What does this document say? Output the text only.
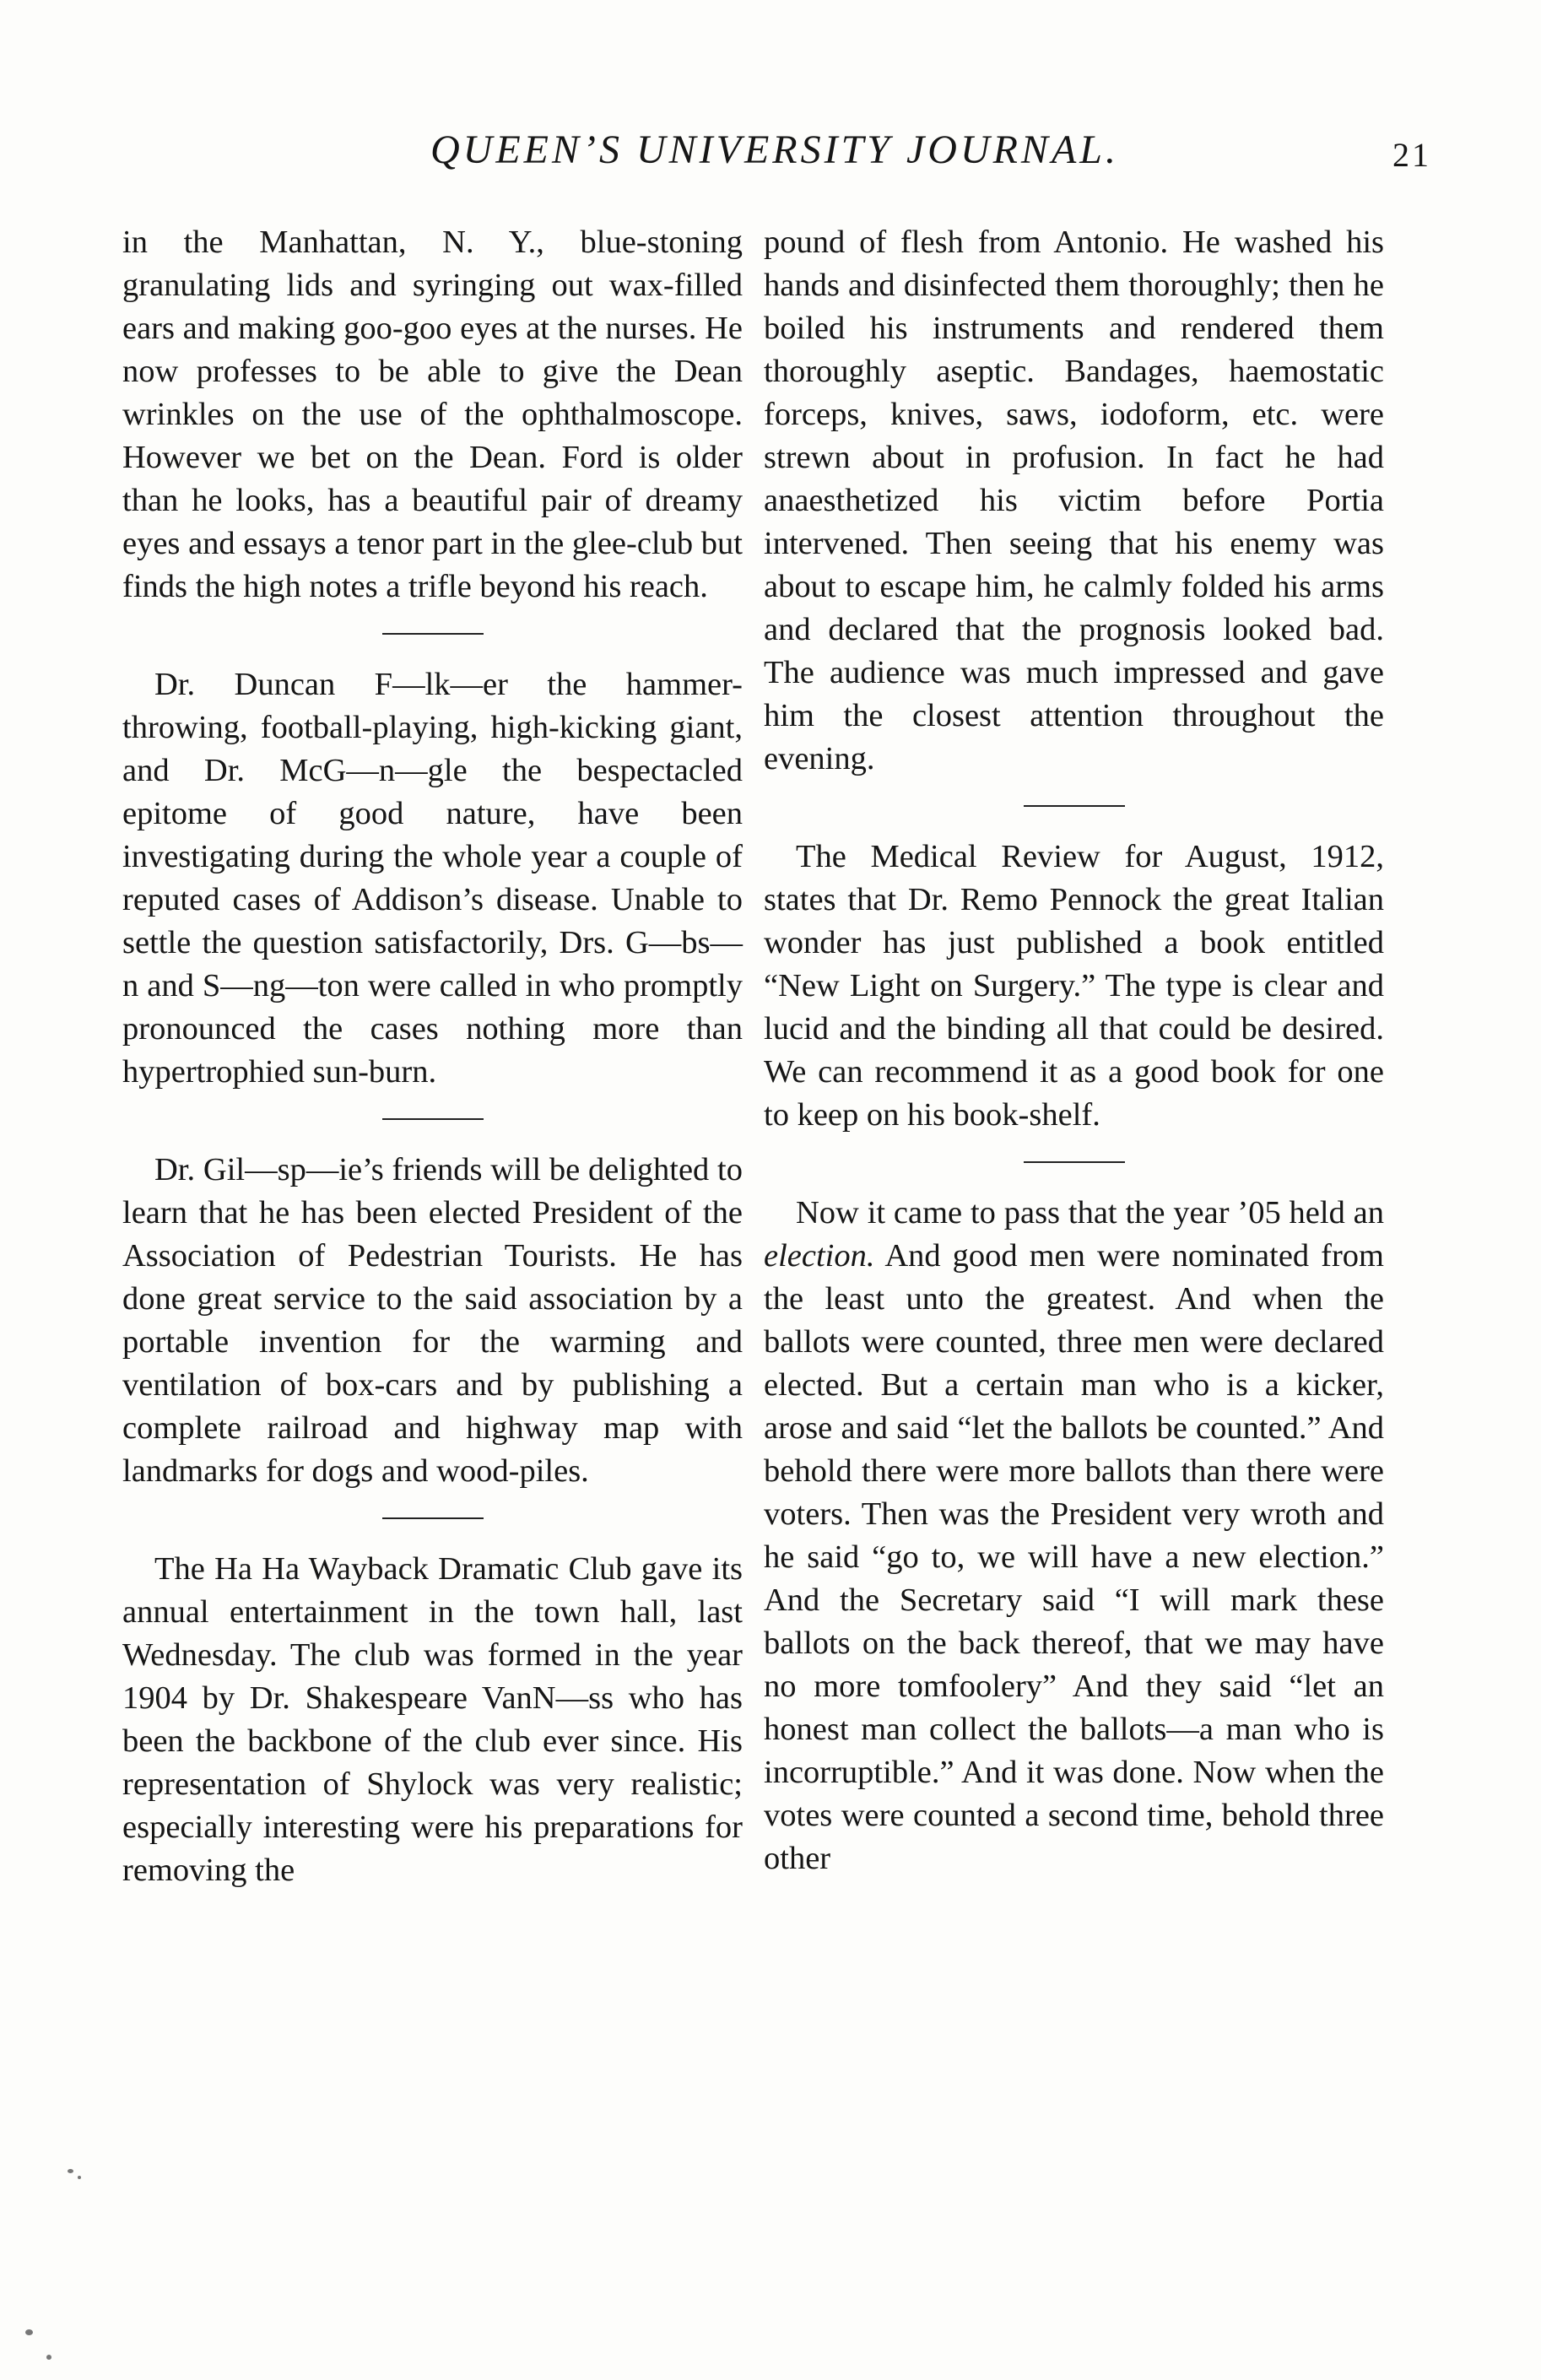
QUEEN’S UNIVERSITY JOURNAL.	21

in the Manhattan, N. Y., blue-stoning granulating lids and syringing out wax-filled ears and making goo-goo eyes at the nurses. He now professes to be able to give the Dean wrinkles on the use of the ophthalmoscope. However we bet on the Dean. Ford is older than he looks, has a beautiful pair of dreamy eyes and essays a tenor part in the glee-club but finds the high notes a trifle beyond his reach.

Dr. Duncan F—lk—er the hammer-throwing, football-playing, high-kicking giant, and Dr. McG—n—gle the bespectacled epitome of good nature, have been investigating during the whole year a couple of reputed cases of Addison’s disease. Unable to settle the question satisfactorily, Drs. G—bs—n and S—ng—ton were called in who promptly pronounced the cases nothing more than hypertrophied sun-burn.

Dr. Gil—sp—ie’s friends will be delighted to learn that he has been elected President of the Association of Pedestrian Tourists. He has done great service to the said association by a portable invention for the warming and ventilation of box-cars and by publishing a complete railroad and highway map with landmarks for dogs and wood-piles.

The Ha Ha Wayback Dramatic Club gave its annual entertainment in the town hall, last Wednesday. The club was formed in the year 1904 by Dr. Shakespeare VanN—ss who has been the backbone of the club ever since. His representation of Shylock was very realistic; especially interesting were his preparations for removing the

pound of flesh from Antonio. He washed his hands and disinfected them thoroughly; then he boiled his instruments and rendered them thoroughly aseptic. Bandages, haemostatic forceps, knives, saws, iodoform, etc. were strewn about in profusion. In fact he had anaesthetized his victim before Portia intervened. Then seeing that his enemy was about to escape him, he calmly folded his arms and declared that the prognosis looked bad. The audience was much impressed and gave him the closest attention throughout the evening.

The Medical Review for August, 1912, states that Dr. Remo Pennock the great Italian wonder has just published a book entitled “New Light on Surgery.” The type is clear and lucid and the binding all that could be desired. We can recommend it as a good book for one to keep on his book-shelf.

Now it came to pass that the year ’05 held an election. And good men were nominated from the least unto the greatest. And when the ballots were counted, three men were declared elected. But a certain man who is a kicker, arose and said “let the ballots be counted.” And behold there were more ballots than there were voters. Then was the President very wroth and he said “go to, we will have a new election.” And the Secretary said “I will mark these ballots on the back thereof, that we may have no more tomfoolery” And they said “let an honest man collect the ballots—a man who is incorruptible.” And it was done. Now when the votes were counted a second time, behold three other
